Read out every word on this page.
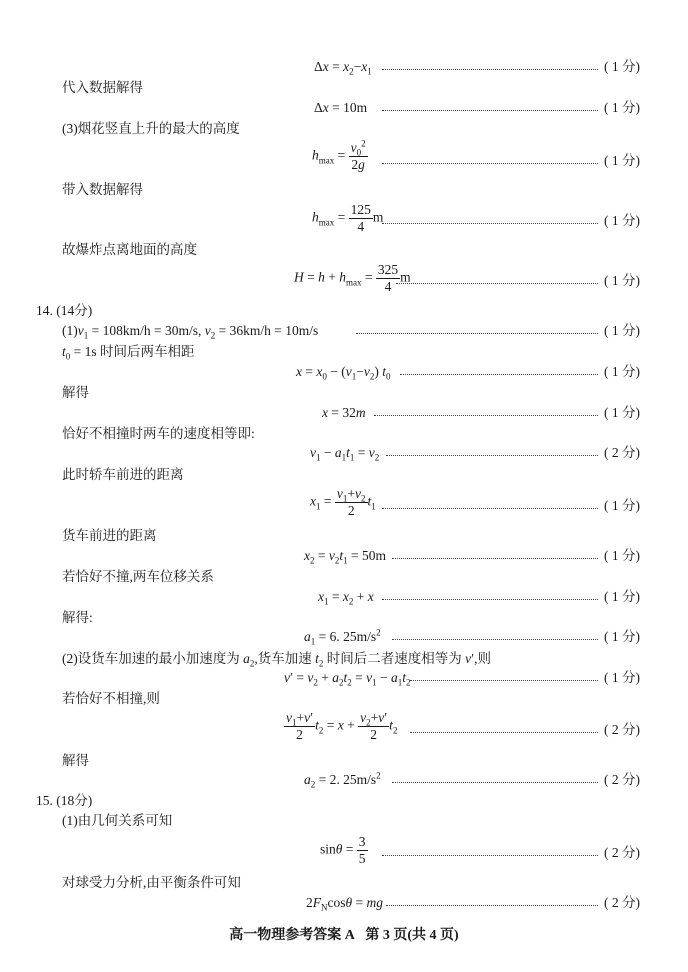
$\Delta x = x_2-x_1$	( 1 分)
代入数据解得
Δx = 10m	( 1 分)
(3)烟花竖直上升的最大的高度
$h_{max} = \frac{v_0^2}{2g}$	( 1 分)
带入数据解得
$h_{max} = \frac{125}{4}$ m	( 1 分)
故爆炸点离地面的高度
$H = h + h_{max} = \frac{325}{4}$ m	( 1 分)
14. (14分)
$(1)v_1 = 108km/h = 30m/s$, $v_2 = 36km/h = 10m/s$	( 1 分)
$t_0 = 1s$ 时间后两车相距
$x = x_0 - (v_1-v_2)$ $t_0$	( 1 分)
解得
x = 32m	( 1 分)
恰好不相撞时两车的速度相等即:
$v_1 - a_1t_1 = v_2$	( 2 分)
此时轿车前进的距离
$x_1 = \frac{v_1+v_2}{2} t_1$	( 1 分)
货车前进的距离
$x_2 = v_2t_1 = 50m$	( 1 分)
若恰好不撞,两车位移关系
$x_1 = x_2 + x$	( 1 分)
解得:
$a_1 = 6$. $25m/s^2$	( 1 分)
(2)设货车加速的最小加速度为 $a_2$,货车加速 $t_2$ 时间后二者速度相等为 v′,则
$v' = v_2 + a_2t_2 = v_1 - a_1t_2$	( 1 分)
若恰好不相撞,则
$\frac{v_1+v'}{2} t_2 = x + \frac{v_2+v'}{2} t_2$	( 2 分)
解得
$a_2 = 2$. $25m/s^2$	( 2 分)
15. (18分)
(1)由几何关系可知
$\sin\theta = \frac{3}{5}$	( 2 分)
对球受力分析,由平衡条件可知
$2F_N\cos\theta$ = mg	( 2 分)
高一物理参考答案 A 第 3 页(共 4 页)
